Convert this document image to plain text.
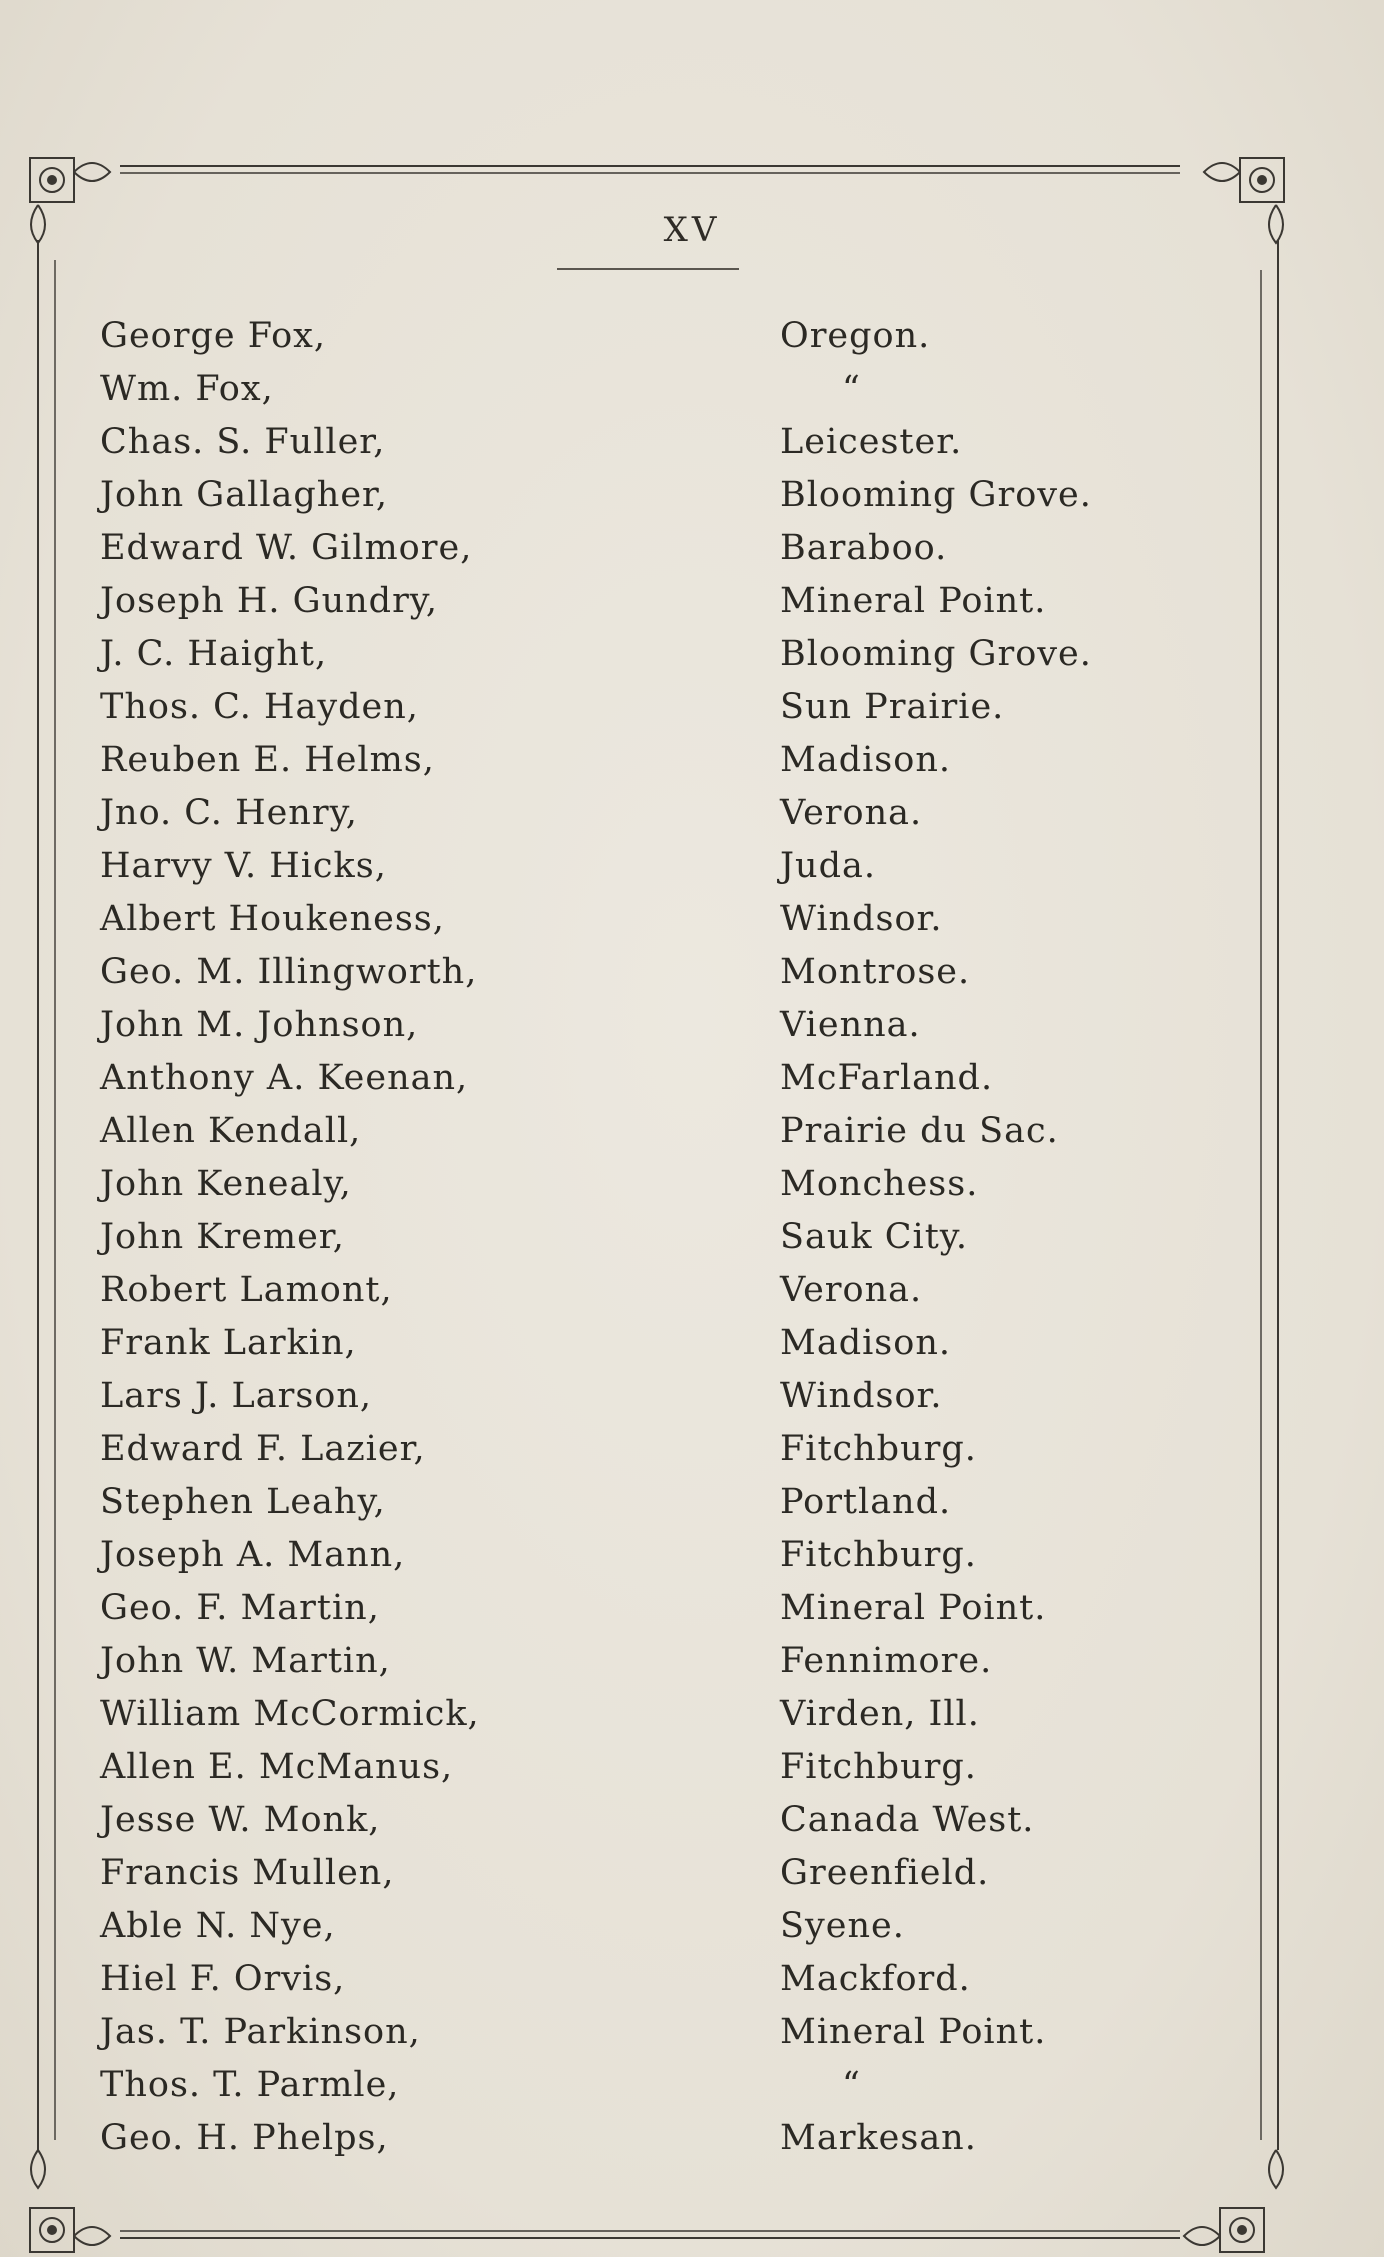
XV
George Fox,	Oregon.
Wm. Fox,	“
Chas. S. Fuller,	Leicester.
John Gallagher,	Blooming Grove.
Edward W. Gilmore,	Baraboo.
Joseph H. Gundry,	Mineral Point.
J. C. Haight,	Blooming Grove.
Thos. C. Hayden,	Sun Prairie.
Reuben E. Helms,	Madison.
Jno. C. Henry,	Verona.
Harvy V. Hicks,	Juda.
Albert Houkeness,	Windsor.
Geo. M. Illingworth,	Montrose.
John M. Johnson,	Vienna.
Anthony A. Keenan,	McFarland.
Allen Kendall,	Prairie du Sac.
John Kenealy,	Monchess.
John Kremer,	Sauk City.
Robert Lamont,	Verona.
Frank Larkin,	Madison.
Lars J. Larson,	Windsor.
Edward F. Lazier,	Fitchburg.
Stephen Leahy,	Portland.
Joseph A. Mann,	Fitchburg.
Geo. F. Martin,	Mineral Point.
John W. Martin,	Fennimore.
William McCormick,	Virden, Ill.
Allen E. McManus,	Fitchburg.
Jesse W. Monk,	Canada West.
Francis Mullen,	Greenfield.
Able N. Nye,	Syene.
Hiel F. Orvis,	Mackford.
Jas. T. Parkinson,	Mineral Point.
Thos. T. Parmle,	“
Geo. H. Phelps,	Markesan.
